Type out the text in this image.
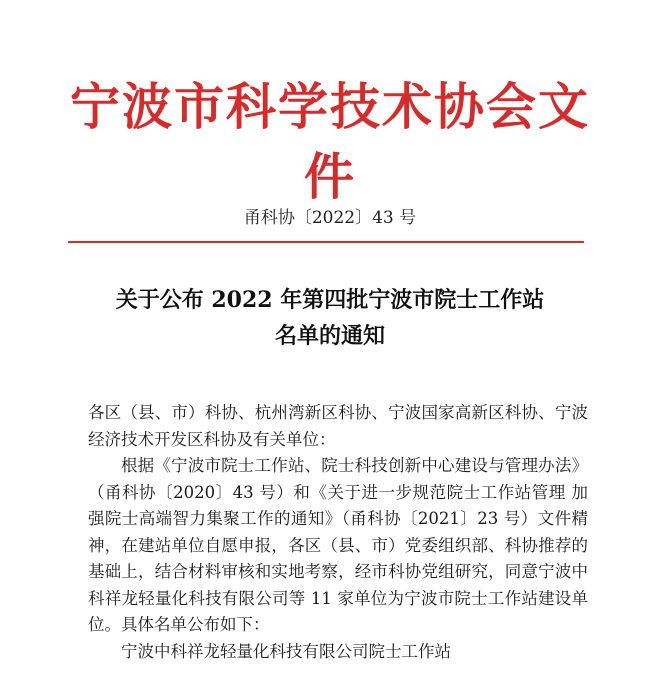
宁波市科学技术协会文件
甬科协〔2022〕43 号
关于公布 2022 年第四批宁波市院士工作站
名单的通知

各区（县、市）科协、杭州湾新区科协、宁波国家高新区科协、宁波经济技术开发区科协及有关单位：

根据《宁波市院士工作站、院士科技创新中心建设与管理办法》（甬科协〔2020〕43 号）和《关于进一步规范院士工作站管理 加强院士高端智力集聚工作的通知》（甬科协〔2021〕23 号）文件精神，在建站单位自愿申报，各区（县、市）党委组织部、科协推荐的基础上，结合材料审核和实地考察，经市科协党组研究，同意宁波中科祥龙轻量化科技有限公司等 11 家单位为宁波市院士工作站建设单位。具体名单公布如下：

宁波中科祥龙轻量化科技有限公司院士工作站
